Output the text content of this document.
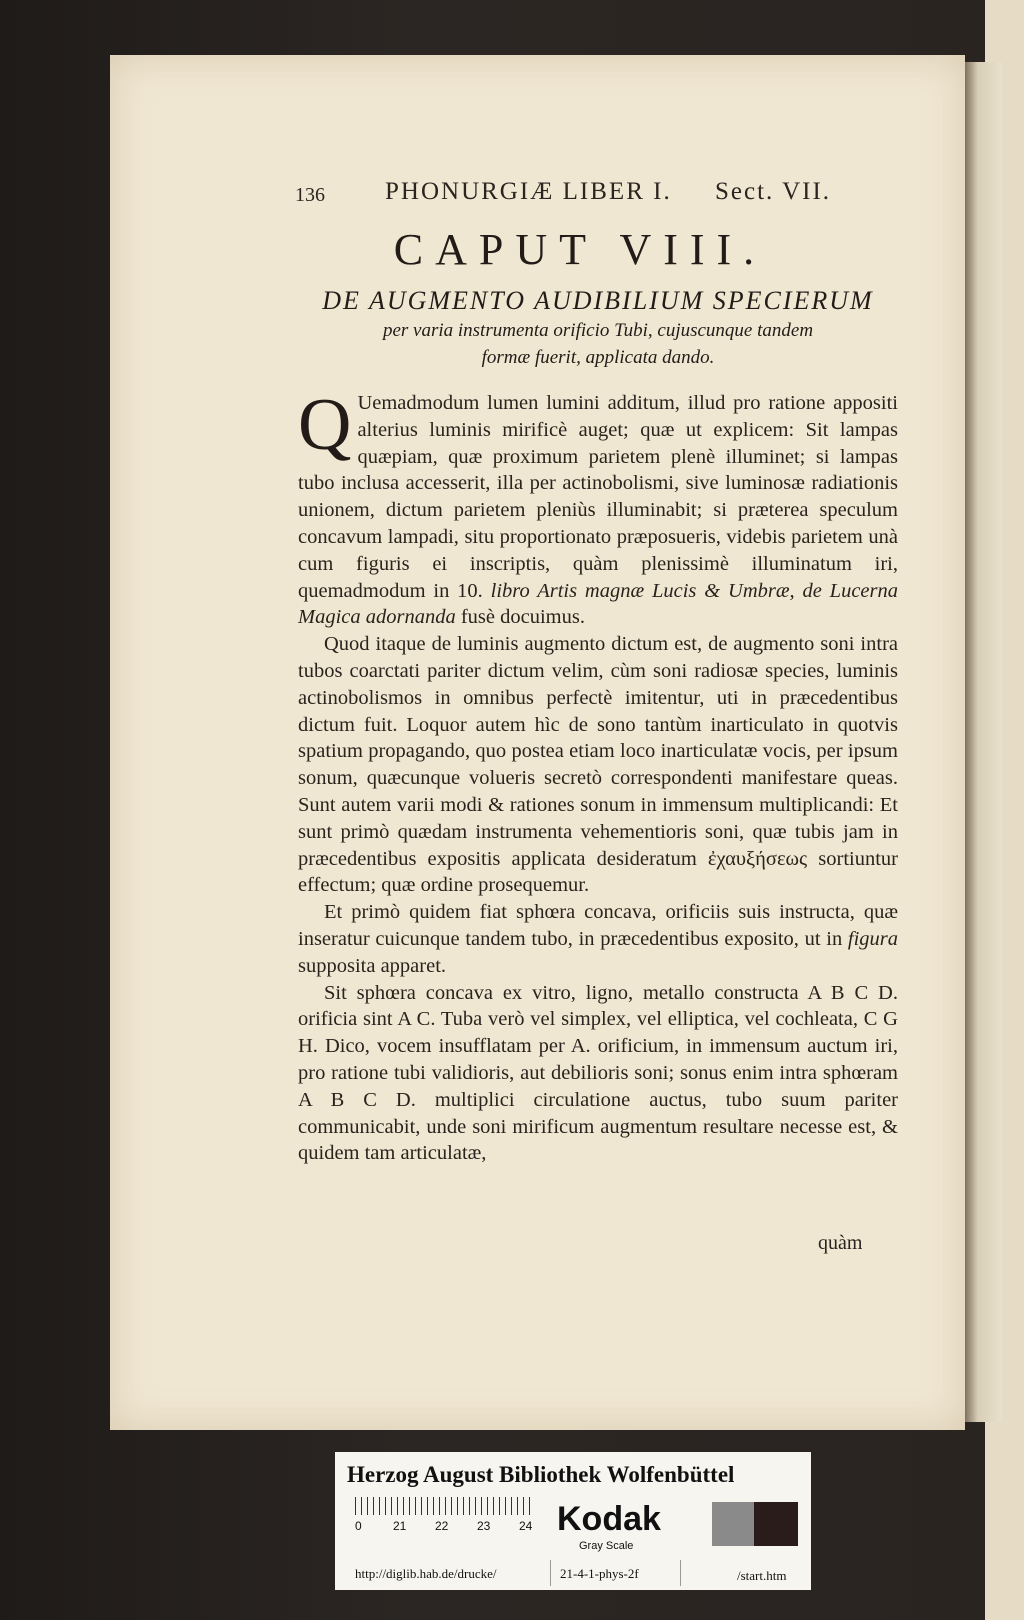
136 PHONURGIÆ LIBER I. Sect. VII.
CAPUT VIII.
DE AUGMENTO AUDIBILIUM SPECIERUM
per varia instrumenta orificio Tubi, cujuscunque tandem
formæ fuerit, applicata dando.

Q Uemadmodum lumen lumini additum, illud pro ratione appositi alterius luminis mirificè auget; quæ ut explicem: Sit lampas quæpiam, quæ proximum parietem plenè illuminet; si lampas tubo inclusa accesserit, illa per actinobolismi, sive luminosæ radiationis unionem, dictum parietem pleniùs illuminabit; si præterea speculum concavum lampadi, situ proportionato præposueris, videbis parietem unà cum figuris ei inscriptis, quàm plenissimè illuminatum iri, quemadmodum in 10. libro Artis magnæ Lucis & Umbræ, de Lucerna Magica adornanda fusè docuimus.

Quod itaque de luminis augmento dictum est, de augmento soni intra tubos coarctati pariter dictum velim, cùm soni radiosæ species, luminis actinobolismos in omnibus perfectè imitentur, uti in præcedentibus dictum fuit. Loquor autem hìc de sono tantùm inarticulato in quotvis spatium propagando, quo postea etiam loco inarticulatæ vocis, per ipsum sonum, quæcunque volueris secretò correspondenti manifestare queas. Sunt autem varii modi & rationes sonum in immensum multiplicandi: Et sunt primò quædam instrumenta vehementioris soni, quæ tubis jam in præcedentibus expositis applicata desideratum ἐχαυξήσεως sortiuntur effectum; quæ ordine prosequemur.

Et primò quidem fiat sphœra concava, orificiis suis instructa, quæ inseratur cuicunque tandem tubo, in præcedentibus exposito, ut in figura supposita apparet.

Sit sphœra concava ex vitro, ligno, metallo constructa A B C D. orificia sint A C. Tuba verò vel simplex, vel elliptica, vel cochleata, C G H. Dico, vocem insufflatam per A. orificium, in immensum auctum iri, pro ratione tubi validioris, aut debilioris soni; sonus enim intra sphœram A B C D. multiplici circulatione auctus, tubo suum pariter communicabit, unde soni mirificum augmentum resultare necesse est, & quidem tam articulatæ,

quàm
Herzog August Bibliothek Wolfenbüttel
0	21 22 23 24 Kodak
Gray Scale
http://diglib.hab.de/drucke/	21-4-1-phys-2f	/start.htm
